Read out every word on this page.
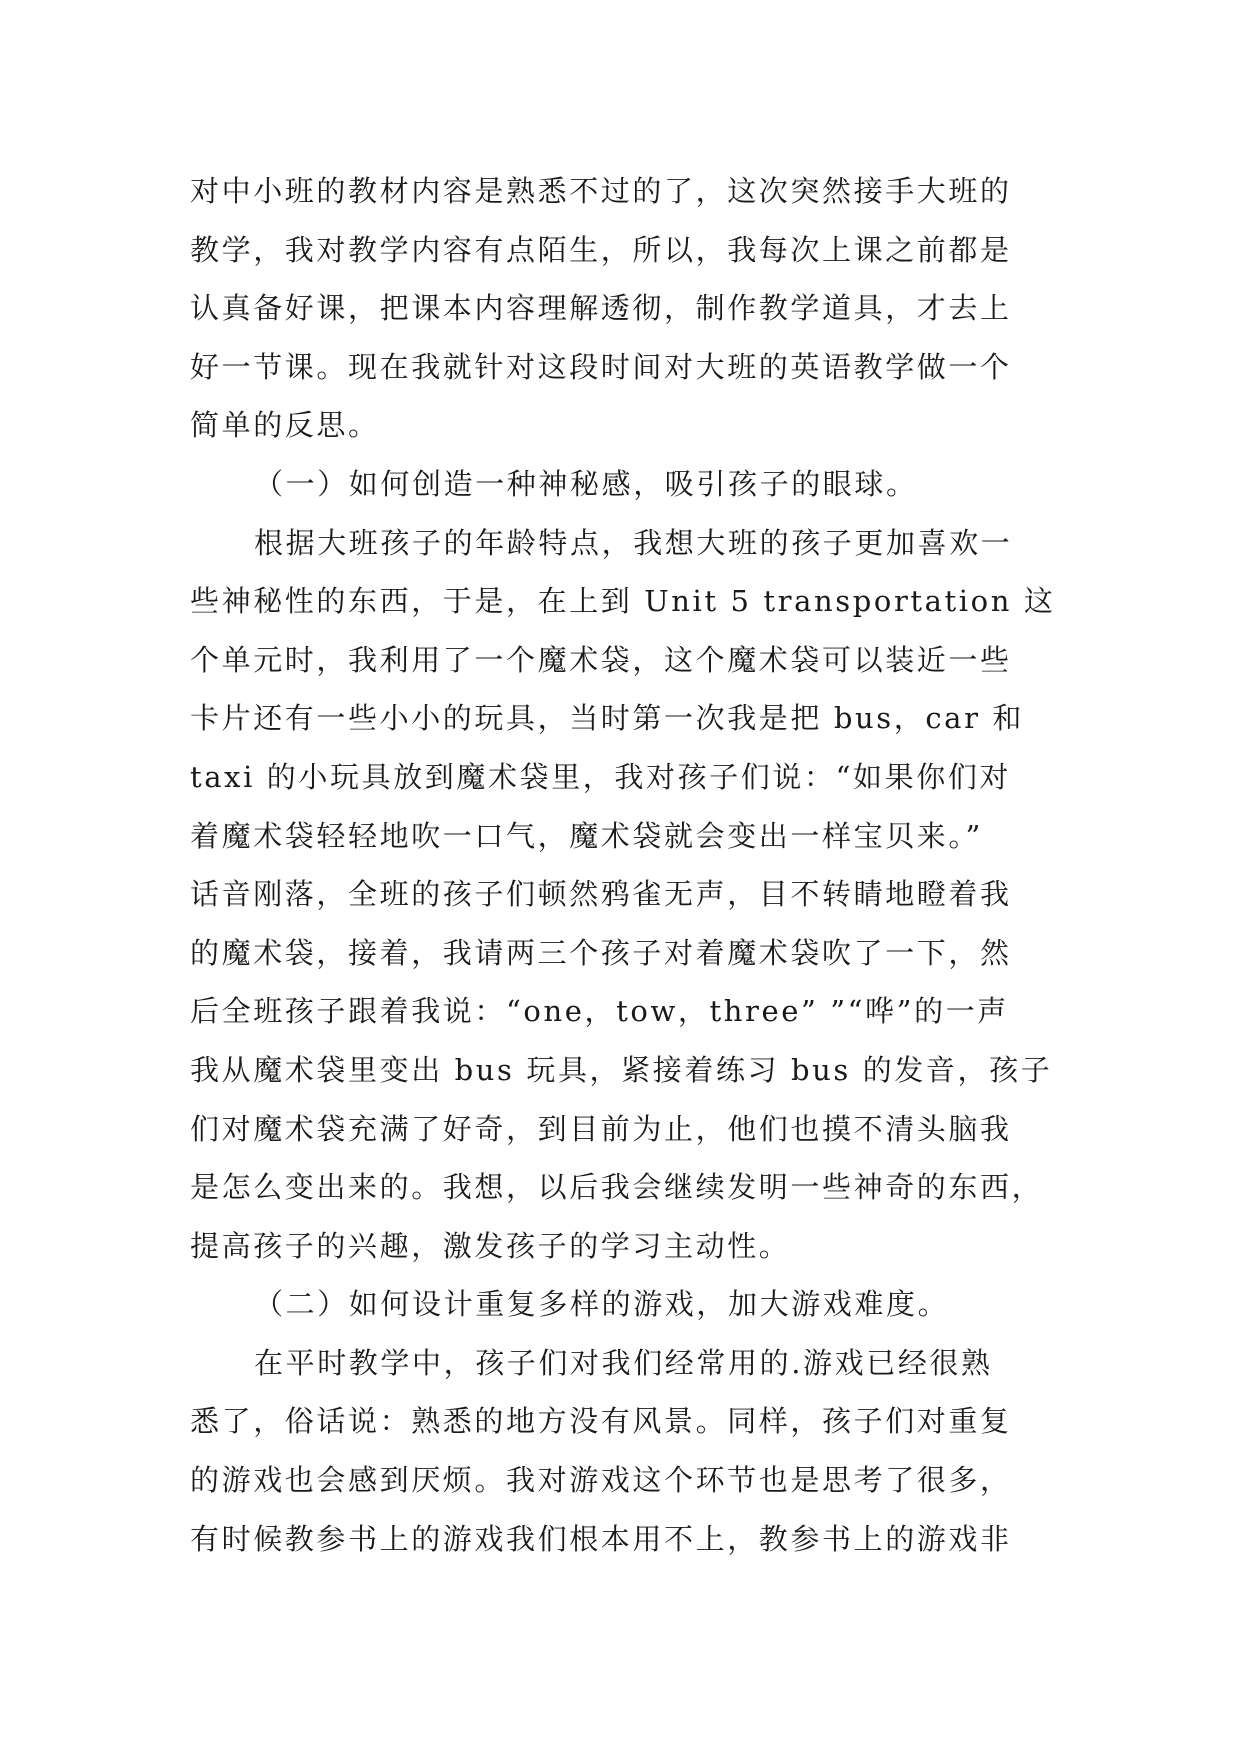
对中小班的教材内容是熟悉不过的了，这次突然接手大班的
教学，我对教学内容有点陌生，所以，我每次上课之前都是
认真备好课，把课本内容理解透彻，制作教学道具，才去上
好一节课。现在我就针对这段时间对大班的英语教学做一个
简单的反思。
（一）如何创造一种神秘感，吸引孩子的眼球。
根据大班孩子的年龄特点，我想大班的孩子更加喜欢一
些神秘性的东西，于是，在上到 Unit 5 transportation 这
个单元时，我利用了一个魔术袋，这个魔术袋可以装近一些
卡片还有一些小小的玩具，当时第一次我是把 bus，car 和
taxi 的小玩具放到魔术袋里，我对孩子们说：“如果你们对
着魔术袋轻轻地吹一口气，魔术袋就会变出一样宝贝来。”
话音刚落，全班的孩子们顿然鸦雀无声，目不转睛地瞪着我
的魔术袋，接着，我请两三个孩子对着魔术袋吹了一下，然
后全班孩子跟着我说：“one，tow，three” ”“哗”的一声
我从魔术袋里变出 bus 玩具，紧接着练习 bus 的发音，孩子
们对魔术袋充满了好奇，到目前为止，他们也摸不清头脑我
是怎么变出来的。我想，以后我会继续发明一些神奇的东西，
提高孩子的兴趣，激发孩子的学习主动性。
（二）如何设计重复多样的游戏，加大游戏难度。
在平时教学中，孩子们对我们经常用的.游戏已经很熟
悉了，俗话说：熟悉的地方没有风景。同样，孩子们对重复
的游戏也会感到厌烦。我对游戏这个环节也是思考了很多，
有时候教参书上的游戏我们根本用不上，教参书上的游戏非
